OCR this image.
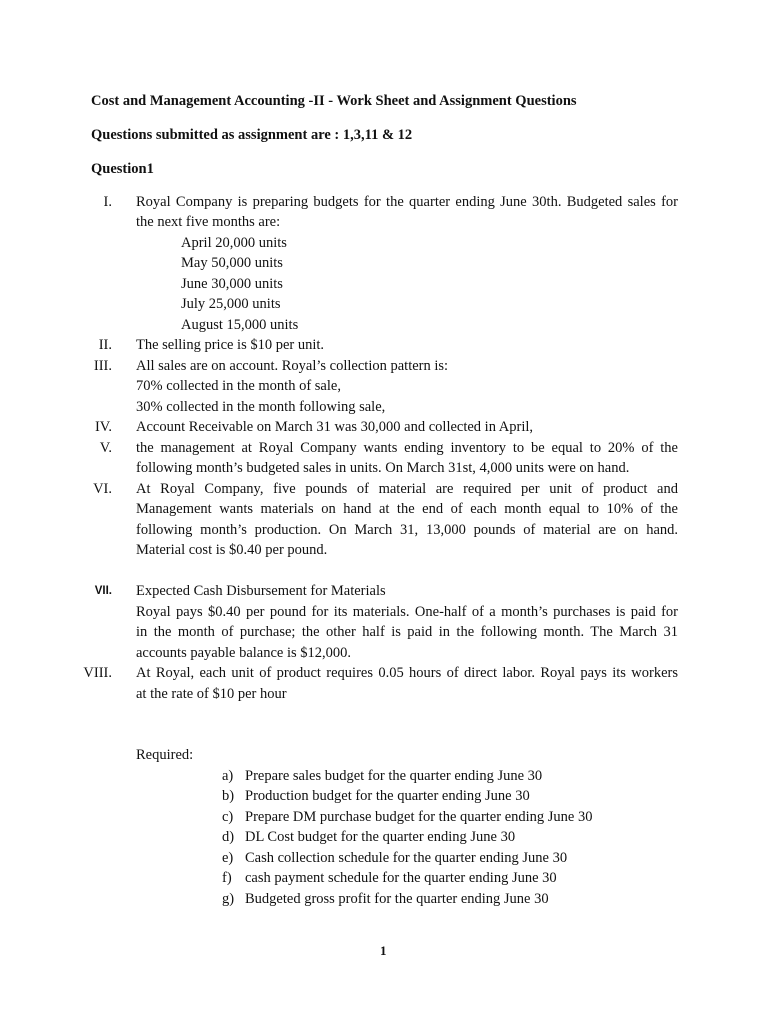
Cost and Management Accounting -II - Work Sheet and Assignment Questions
Questions submitted as assignment are : 1,3,11 & 12
Question1
I. Royal Company is preparing budgets for the quarter ending June 30th. Budgeted sales for
the next five months are:
April 20,000 units
May 50,000 units
June 30,000 units
July 25,000 units
August 15,000 units
II. The selling price is $10 per unit.
III. All sales are on account. Royal’s collection pattern is:
70% collected in the month of sale,
30% collected in the month following sale,
IV. Account Receivable on March 31 was 30,000 and collected in April,
V. the management at Royal Company wants ending inventory to be equal to 20% of the
following month’s budgeted sales in units. On March 31st, 4,000 units were on hand.
VI. At Royal Company, five pounds of material are required per unit of product and
Management wants materials on hand at the end of each month equal to 10% of the
following month’s production. On March 31, 13,000 pounds of material are on hand.
Material cost is $0.40 per pound.
VII. Expected Cash Disbursement for Materials
Royal pays $0.40 per pound for its materials. One-half of a month’s purchases is paid for
in the month of purchase; the other half is paid in the following month. The March 31
accounts payable balance is $12,000.
VIII. At Royal, each unit of product requires 0.05 hours of direct labor. Royal pays its workers
at the rate of $10 per hour
Required:
a) Prepare sales budget for the quarter ending June 30
b) Production budget for the quarter ending June 30
c) Prepare DM purchase budget for the quarter ending June 30
d) DL Cost budget for the quarter ending June 30
e) Cash collection schedule for the quarter ending June 30
f) cash payment schedule for the quarter ending June 30
g) Budgeted gross profit for the quarter ending June 30
1
